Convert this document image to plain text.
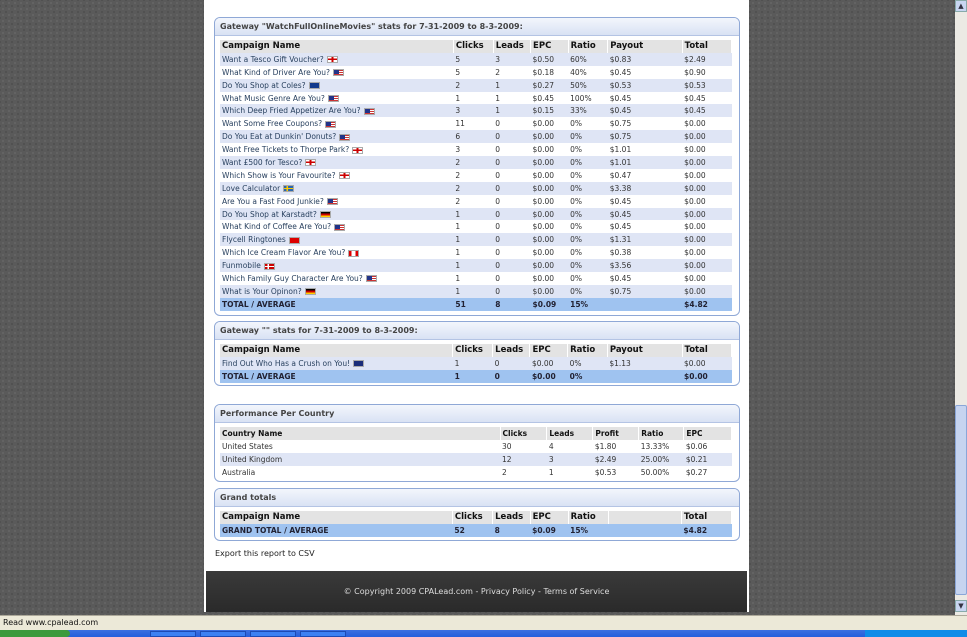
Gateway "WatchFullOnlineMovies" stats for 7-31-2009 to 8-3-2009:
Campaign Name	Clicks	Leads	EPC	Ratio	Payout	Total
Want a Tesco Gift Voucher?	5	3	$0.50	60%	$0.83	$2.49
What Kind of Driver Are You?	5	2	$0.18	40%	$0.45	$0.90
Do You Shop at Coles?	2	1	$0.27	50%	$0.53	$0.53
What Music Genre Are You?	1	1	$0.45	100%	$0.45	$0.45
Which Deep Fried Appetizer Are You?	3	1	$0.15	33%	$0.45	$0.45
Want Some Free Coupons?	11	0	$0.00	0%	$0.75	$0.00
Do You Eat at Dunkin' Donuts?	6	0	$0.00	0%	$0.75	$0.00
Want Free Tickets to Thorpe Park?	3	0	$0.00	0%	$1.01	$0.00
Want £500 for Tesco?	2	0	$0.00	0%	$1.01	$0.00
Which Show is Your Favourite?	2	0	$0.00	0%	$0.47	$0.00
Love Calculator	2	0	$0.00	0%	$3.38	$0.00
Are You a Fast Food Junkie?	2	0	$0.00	0%	$0.45	$0.00
Do You Shop at Karstadt?	1	0	$0.00	0%	$0.45	$0.00
What Kind of Coffee Are You?	1	0	$0.00	0%	$0.45	$0.00
Flycell Ringtones	1	0	$0.00	0%	$1.31	$0.00
Which Ice Cream Flavor Are You?	1	0	$0.00	0%	$0.38	$0.00
Funmobile	1	0	$0.00	0%	$3.56	$0.00
Which Family Guy Character Are You?	1	0	$0.00	0%	$0.45	$0.00
What is Your Opinon?	1	0	$0.00	0%	$0.75	$0.00
TOTAL / AVERAGE	51	8	$0.09	15%		$4.82
Gateway "" stats for 7-31-2009 to 8-3-2009:
Campaign Name	Clicks	Leads	EPC	Ratio	Payout	Total
Find Out Who Has a Crush on You!	1	0	$0.00	0%	$1.13	$0.00
TOTAL / AVERAGE	1	0	$0.00	0%		$0.00
Performance Per Country
Country Name	Clicks	Leads	Profit	Ratio	EPC
United States	30	4	$1.80	13.33%	$0.06
United Kingdom	12	3	$2.49	25.00%	$0.21
Australia	2	1	$0.53	50.00%	$0.27
Grand totals
Campaign Name	Clicks	Leads	EPC	Ratio		Total
GRAND TOTAL / AVERAGE	52	8	$0.09	15%		$4.82
Export this report to CSV
© Copyright 2009 CPALead.com - Privacy Policy - Terms of Service
▲
▼
Read www.cpalead.com
